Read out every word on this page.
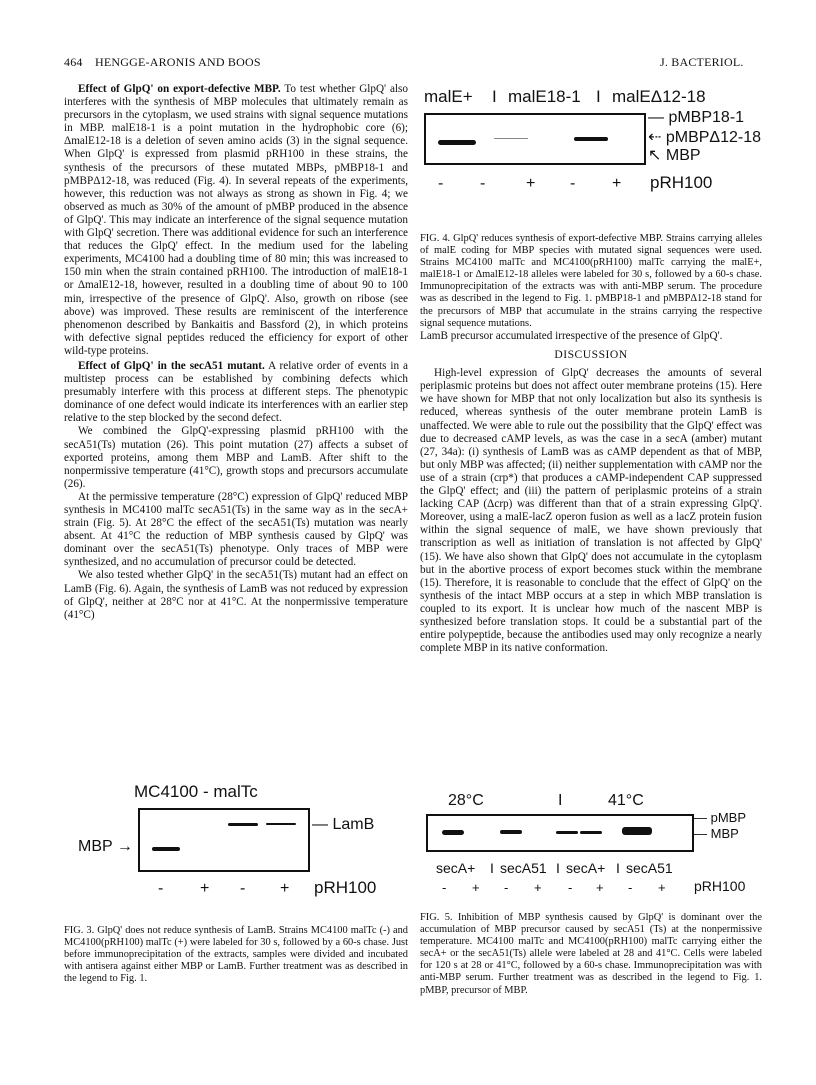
464 HENGGE-ARONIS AND BOOS	J. BACTERIOL.

Effect of GlpQ' on export-defective MBP. To test whether GlpQ' also interferes with the synthesis of MBP molecules that ultimately remain as precursors in the cytoplasm, we used strains with signal sequence mutations in MBP. malE18-1 is a point mutation in the hydrophobic core (6); ΔmalE12-18 is a deletion of seven amino acids (3) in the signal sequence. When GlpQ' is expressed from plasmid pRH100 in these strains, the synthesis of the precursors of these mutated MBPs, pMBP18-1 and pMBPΔ12-18, was reduced (Fig. 4). In several repeats of the experiments, however, this reduction was not always as strong as shown in Fig. 4; we observed as much as 30% of the amount of pMBP produced in the absence of GlpQ'. This may indicate an interference of the signal sequence mutation with GlpQ' secretion. There was additional evidence for such an interference that reduces the GlpQ' effect. In the medium used for the labeling experiments, MC4100 had a doubling time of 80 min; this was increased to 150 min when the strain contained pRH100. The introduction of malE18-1 or ΔmalE12-18, however, resulted in a doubling time of about 90 to 100 min, irrespective of the presence of GlpQ'. Also, growth on ribose (see above) was improved. These results are reminiscent of the interference phenomenon described by Bankaitis and Bassford (2), in which proteins with defective signal peptides reduced the efficiency for export of other wild-type proteins.

Effect of GlpQ' in the secA51 mutant. A relative order of events in a multistep process can be established by combining defects which presumably interfere with this process at different steps. The phenotypic dominance of one defect would indicate its interferences with an earlier step relative to the step blocked by the second defect.

We combined the GlpQ'-expressing plasmid pRH100 with the secA51(Ts) mutation (26). This point mutation (27) affects a subset of exported proteins, among them MBP and LamB. After shift to the nonpermissive temperature (41°C), growth stops and precursors accumulate (26).

At the permissive temperature (28°C) expression of GlpQ' reduced MBP synthesis in MC4100 malTc secA51(Ts) in the same way as in the secA+ strain (Fig. 5). At 28°C the effect of the secA51(Ts) mutation was nearly absent. At 41°C the reduction of MBP synthesis caused by GlpQ' was dominant over the secA51(Ts) phenotype. Only traces of MBP were synthesized, and no accumulation of precursor could be detected.

We also tested whether GlpQ' in the secA51(Ts) mutant had an effect on LamB (Fig. 6). Again, the synthesis of LamB was not reduced by expression of GlpQ', neither at 28°C nor at 41°C. At the nonpermissive temperature (41°C)

malE+ I malE18-1 I malEΔ12-18
— pMBP18-1
⇠ pMBPΔ12-18
↖ MBP
- -	+ - + pRH100
FIG. 4. GlpQ' reduces synthesis of export-defective MBP. Strains carrying alleles of malE coding for MBP species with mutated signal sequences were used. Strains MC4100 malTc and MC4100(pRH100) malTc carrying the malE+, malE18-1 or ΔmalE12-18 alleles were labeled for 30 s, followed by a 60-s chase. Immunoprecipitation of the extracts was with anti-MBP serum. The procedure was as described in the legend to Fig. 1. pMBP18-1 and pMBPΔ12-18 stand for the precursors of MBP that accumulate in the strains carrying the respective signal sequence mutations.

LamB precursor accumulated irrespective of the presence of GlpQ'.

DISCUSSION

High-level expression of GlpQ' decreases the amounts of several periplasmic proteins but does not affect outer membrane proteins (15). Here we have shown for MBP that not only localization but also its synthesis is reduced, whereas synthesis of the outer membrane protein LamB is unaffected. We were able to rule out the possibility that the GlpQ' effect was due to decreased cAMP levels, as was the case in a secA (amber) mutant (27, 34a): (i) synthesis of LamB was as cAMP dependent as that of MBP, but only MBP was affected; (ii) neither supplementation with cAMP nor the use of a strain (crp*) that produces a cAMP-independent CAP suppressed the GlpQ' effect; and (iii) the pattern of periplasmic proteins of a strain lacking CAP (Δcrp) was different than that of a strain expressing GlpQ'. Moreover, using a malE-lacZ operon fusion as well as a lacZ protein fusion within the signal sequence of malE, we have shown previously that transcription as well as initiation of translation is not affected by GlpQ' (15). We have also shown that GlpQ' does not accumulate in the cytoplasm but in the abortive process of export becomes stuck within the membrane (15). Therefore, it is reasonable to conclude that the effect of GlpQ' on the synthesis of the intact MBP occurs at a step in which MBP translation is coupled to its export. It is unclear how much of the nascent MBP is synthesized before translation stops. It could be a substantial part of the entire polypeptide, because the antibodies used may only recognize a nearly complete MBP in its native conformation.

MC4100 - malTc
MBP →
— LamB
- + - + pRH100
FIG. 3. GlpQ' does not reduce synthesis of LamB. Strains MC4100 malTc (-) and MC4100(pRH100) malTc (+) were labeled for 30 s, followed by a 60-s chase. Just before immunoprecipitation of the extracts, samples were divided and incubated with antisera against either MBP or LamB. Further treatment was as described in the legend to Fig. 1.
28°C	I	41°C
— pMBP
— MBP
secA+ I secA51 I secA+ I secA51
- + - + - + - + pRH100
FIG. 5. Inhibition of MBP synthesis caused by GlpQ' is dominant over the accumulation of MBP precursor caused by secA51 (Ts) at the nonpermissive temperature. MC4100 malTc and MC4100(pRH100) malTc carrying either the secA+ or the secA51(Ts) allele were labeled at 28 and 41°C. Cells were labeled for 120 s at 28 or 41°C, followed by a 60-s chase. Immunoprecipitation was with anti-MBP serum. Further treatment was as described in the legend to Fig. 1. pMBP, precursor of MBP.
